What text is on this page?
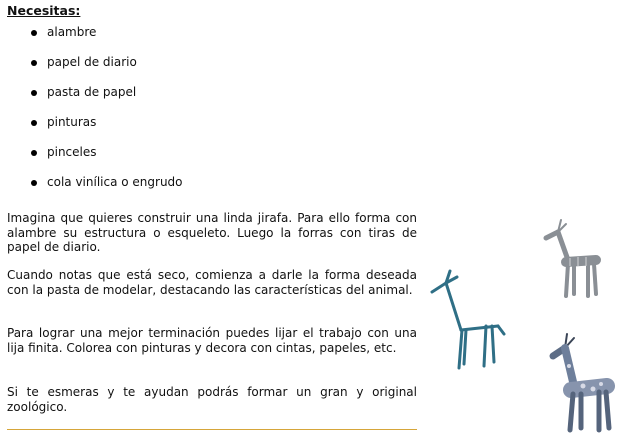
Necesitas:
alambre
papel de diario
pasta de papel
pinturas
pinceles
cola vinílica o engrudo

Imagina que quieres construir una linda jirafa. Para ello forma con alambre su estructura o esqueleto. Luego la forras con tiras de papel de diario.

Cuando notas que está seco, comienza a darle la forma deseada con la pasta de modelar, destacando las características del animal.

Para lograr una mejor terminación puedes lijar el trabajo con una lija finita. Colorea con pinturas y decora con cintas, papeles, etc.

Si te esmeras y te ayudan podrás formar un gran y original zoológico.
